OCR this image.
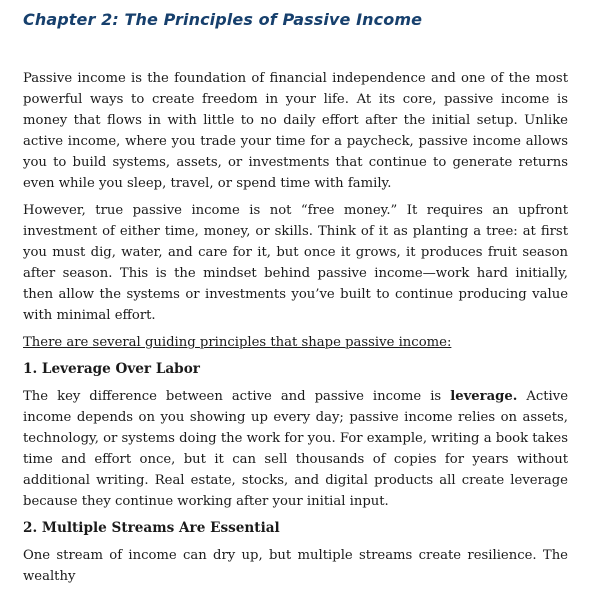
Chapter 2: The Principles of Passive Income

Passive income is the foundation of financial independence and one of the most powerful ways to create freedom in your life. At its core, passive income is money that flows in with little to no daily effort after the initial setup. Unlike active income, where you trade your time for a paycheck, passive income allows you to build systems, assets, or investments that continue to generate returns even while you sleep, travel, or spend time with family.

However, true passive income is not “free money.” It requires an upfront investment of either time, money, or skills. Think of it as planting a tree: at first you must dig, water, and care for it, but once it grows, it produces fruit season after season. This is the mindset behind passive income—work hard initially, then allow the systems or investments you’ve built to continue producing value with minimal effort.

There are several guiding principles that shape passive income:
1. Leverage Over Labor

The key difference between active and passive income is leverage. Active income depends on you showing up every day; passive income relies on assets, technology, or systems doing the work for you. For example, writing a book takes time and effort once, but it can sell thousands of copies for years without additional writing. Real estate, stocks, and digital products all create leverage because they continue working after your initial input.

2. Multiple Streams Are Essential

One stream of income can dry up, but multiple streams create resilience. The wealthy
